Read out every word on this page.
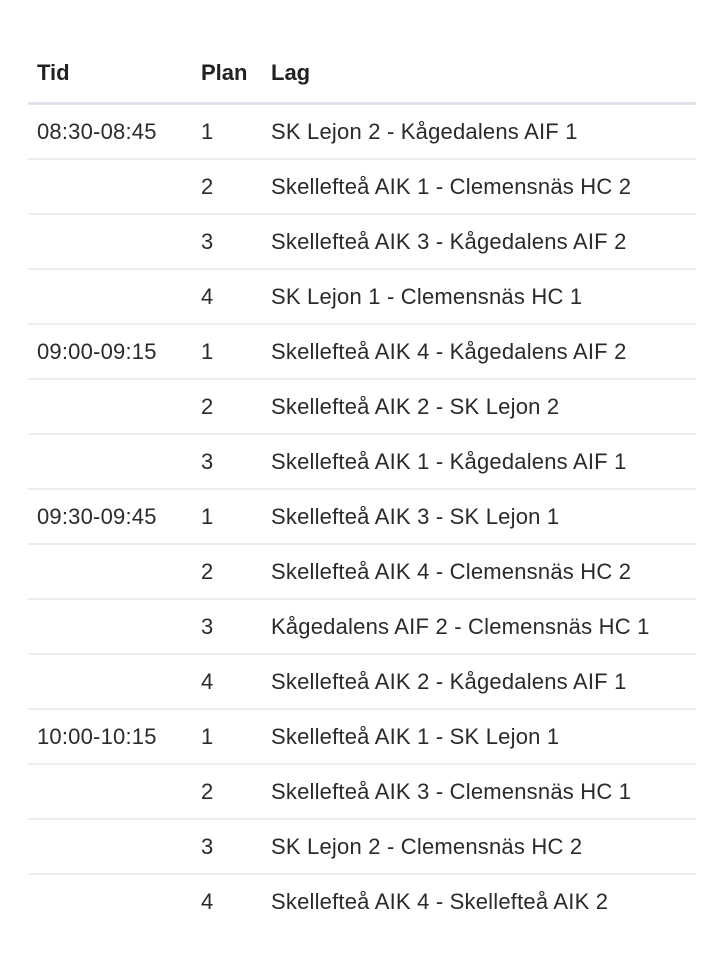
Tid	Plan	Lag
08:30-08:45	1	SK Lejon 2 - Kågedalens AIF 1
	2	Skellefteå AIK 1 - Clemensnäs HC 2
	3	Skellefteå AIK 3 - Kågedalens AIF 2
	4	SK Lejon 1 - Clemensnäs HC 1
09:00-09:15	1	Skellefteå AIK 4 - Kågedalens AIF 2
	2	Skellefteå AIK 2 - SK Lejon 2
	3	Skellefteå AIK 1 - Kågedalens AIF 1
09:30-09:45	1	Skellefteå AIK 3 - SK Lejon 1
	2	Skellefteå AIK 4 - Clemensnäs HC 2
	3	Kågedalens AIF 2 - Clemensnäs HC 1
	4	Skellefteå AIK 2 - Kågedalens AIF 1
10:00-10:15	1	Skellefteå AIK 1 - SK Lejon 1
	2	Skellefteå AIK 3 - Clemensnäs HC 1
	3	SK Lejon 2 - Clemensnäs HC 2
	4	Skellefteå AIK 4 - Skellefteå AIK 2
